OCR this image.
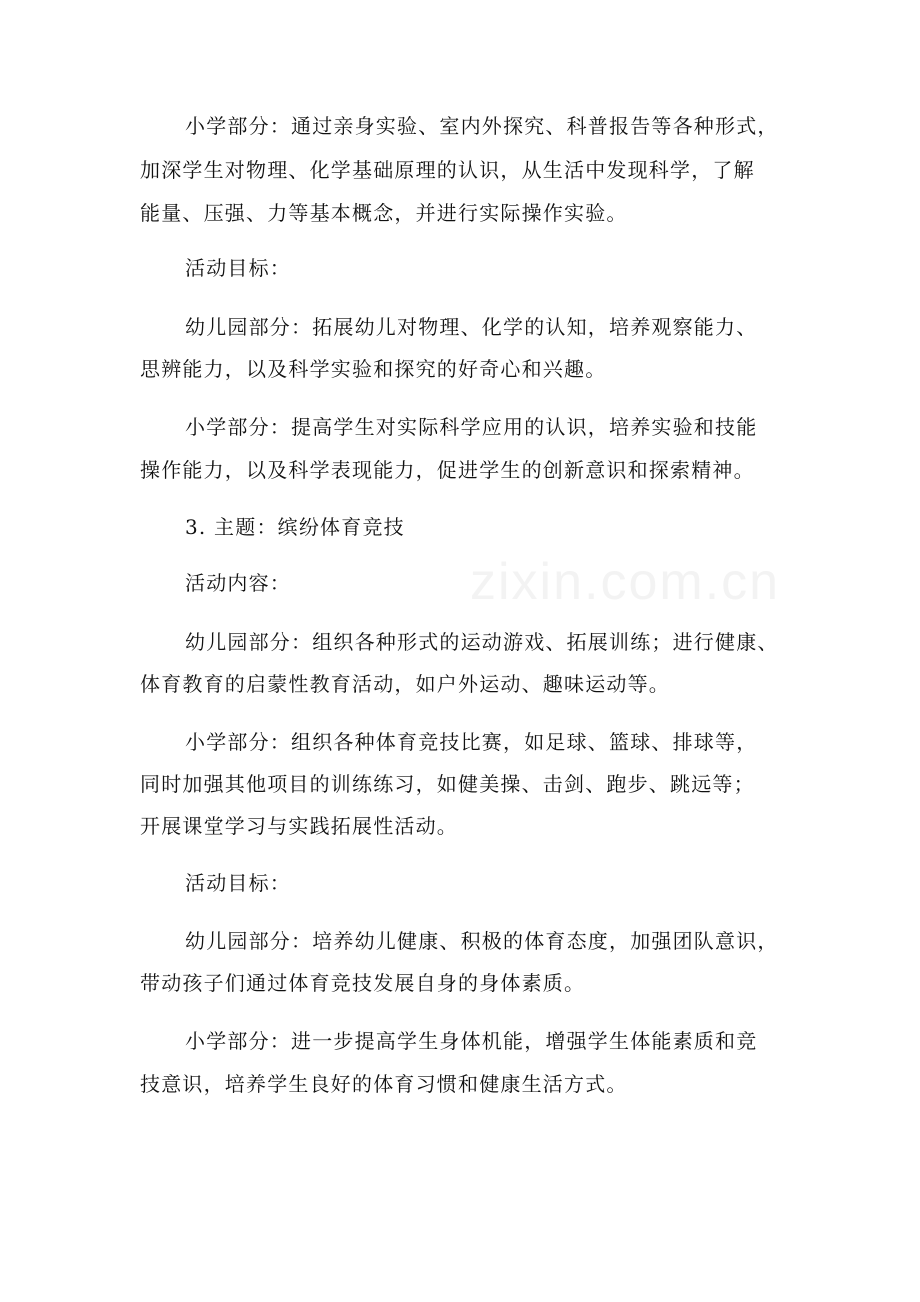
zixin.com.cn
小学部分：通过亲身实验、室内外探究、科普报告等各种形式，
加深学生对物理、化学基础原理的认识，从生活中发现科学，了解
能量、压强、力等基本概念，并进行实际操作实验。
活动目标：
幼儿园部分：拓展幼儿对物理、化学的认知，培养观察能力、
思辨能力，以及科学实验和探究的好奇心和兴趣。
小学部分：提高学生对实际科学应用的认识，培养实验和技能
操作能力，以及科学表现能力，促进学生的创新意识和探索精神。
3. 主题：缤纷体育竞技
活动内容：
幼儿园部分：组织各种形式的运动游戏、拓展训练；进行健康、
体育教育的启蒙性教育活动，如户外运动、趣味运动等。
小学部分：组织各种体育竞技比赛，如足球、篮球、排球等，
同时加强其他项目的训练练习，如健美操、击剑、跑步、跳远等；
开展课堂学习与实践拓展性活动。
活动目标：
幼儿园部分：培养幼儿健康、积极的体育态度，加强团队意识，
带动孩子们通过体育竞技发展自身的身体素质。
小学部分：进一步提高学生身体机能，增强学生体能素质和竞
技意识，培养学生良好的体育习惯和健康生活方式。
